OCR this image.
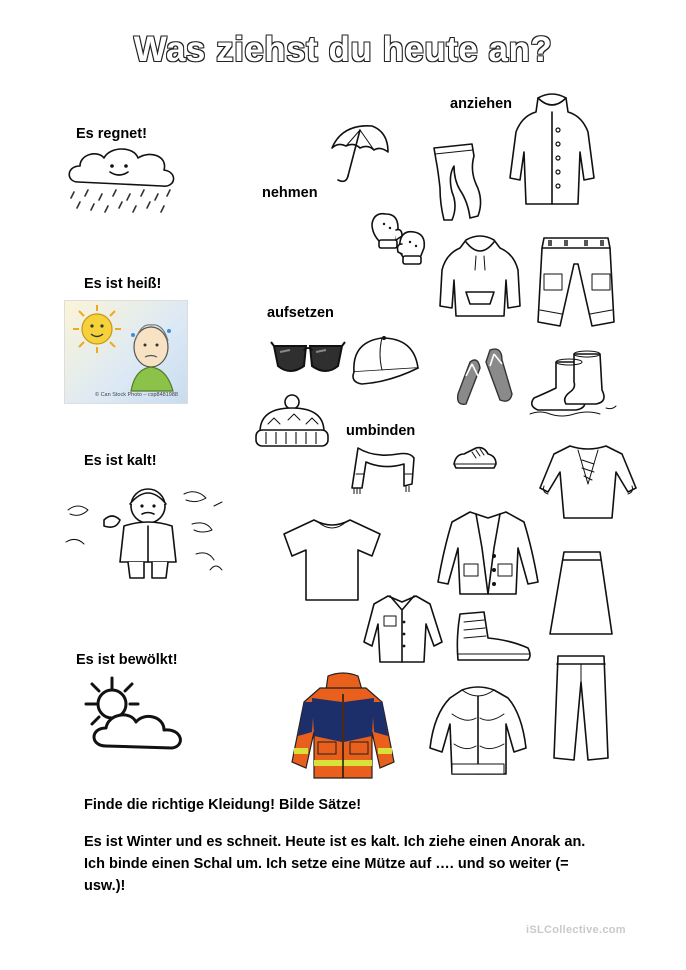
Was ziehst du heute an?
Es regnet!
Es ist heiß!
Es ist kalt!
Es ist bewölkt!
anziehen
nehmen
aufsetzen
umbinden
© Can Stock Photo – csp8481988
Finde die richtige Kleidung! Bilde Sätze!
Es ist Winter und es schneit. Heute ist es kalt. Ich ziehe einen Anorak an.
Ich binde einen Schal um. Ich setze eine Mütze auf …. und so weiter (=
usw.)!
iSLCollective.com
